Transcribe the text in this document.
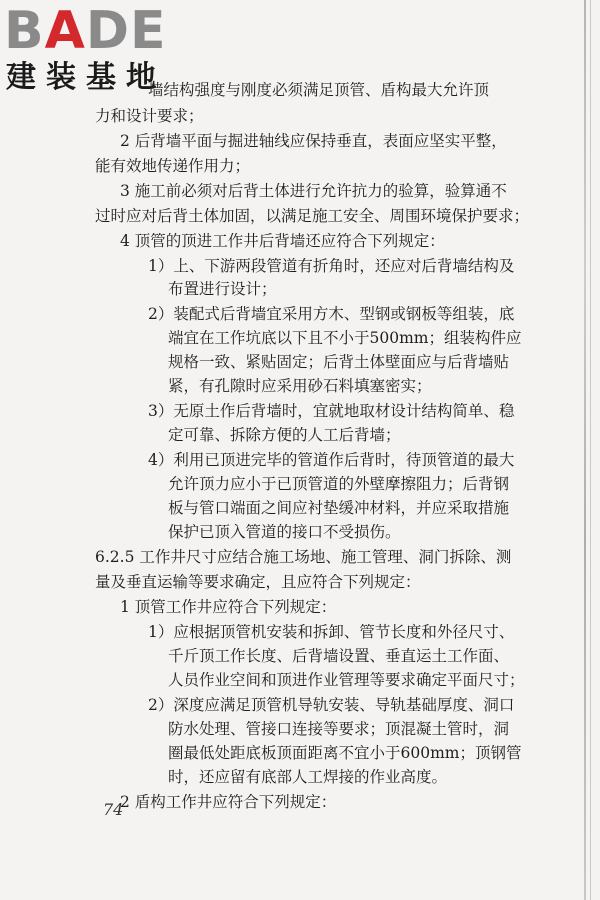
BADE
建装基地
墙结构强度与刚度必须满足顶管、盾构最大允许顶
力和设计要求；
2 后背墙平面与掘进轴线应保持垂直，表面应坚实平整，
能有效地传递作用力；
3 施工前必须对后背土体进行允许抗力的验算，验算通不
过时应对后背土体加固，以满足施工安全、周围环境保护要求；
4 顶管的顶进工作井后背墙还应符合下列规定：
1）上、下游两段管道有折角时，还应对后背墙结构及
布置进行设计；
2）装配式后背墙宜采用方木、型钢或钢板等组装，底
端宜在工作坑底以下且不小于500mm；组装构件应
规格一致、紧贴固定；后背土体壁面应与后背墙贴
紧，有孔隙时应采用砂石料填塞密实；
3）无原土作后背墙时，宜就地取材设计结构简单、稳
定可靠、拆除方便的人工后背墙；
4）利用已顶进完毕的管道作后背时，待顶管道的最大
允许顶力应小于已顶管道的外壁摩擦阻力；后背钢
板与管口端面之间应衬垫缓冲材料，并应采取措施
保护已顶入管道的接口不受损伤。
6.2.5 工作井尺寸应结合施工场地、施工管理、洞门拆除、测
量及垂直运输等要求确定，且应符合下列规定：
1 顶管工作井应符合下列规定：
1）应根据顶管机安装和拆卸、管节长度和外径尺寸、
千斤顶工作长度、后背墙设置、垂直运土工作面、
人员作业空间和顶进作业管理等要求确定平面尺寸；
2）深度应满足顶管机导轨安装、导轨基础厚度、洞口
防水处理、管接口连接等要求；顶混凝土管时，洞
圈最低处距底板顶面距离不宜小于600mm；顶钢管
时，还应留有底部人工焊接的作业高度。
2 盾构工作井应符合下列规定：
74
